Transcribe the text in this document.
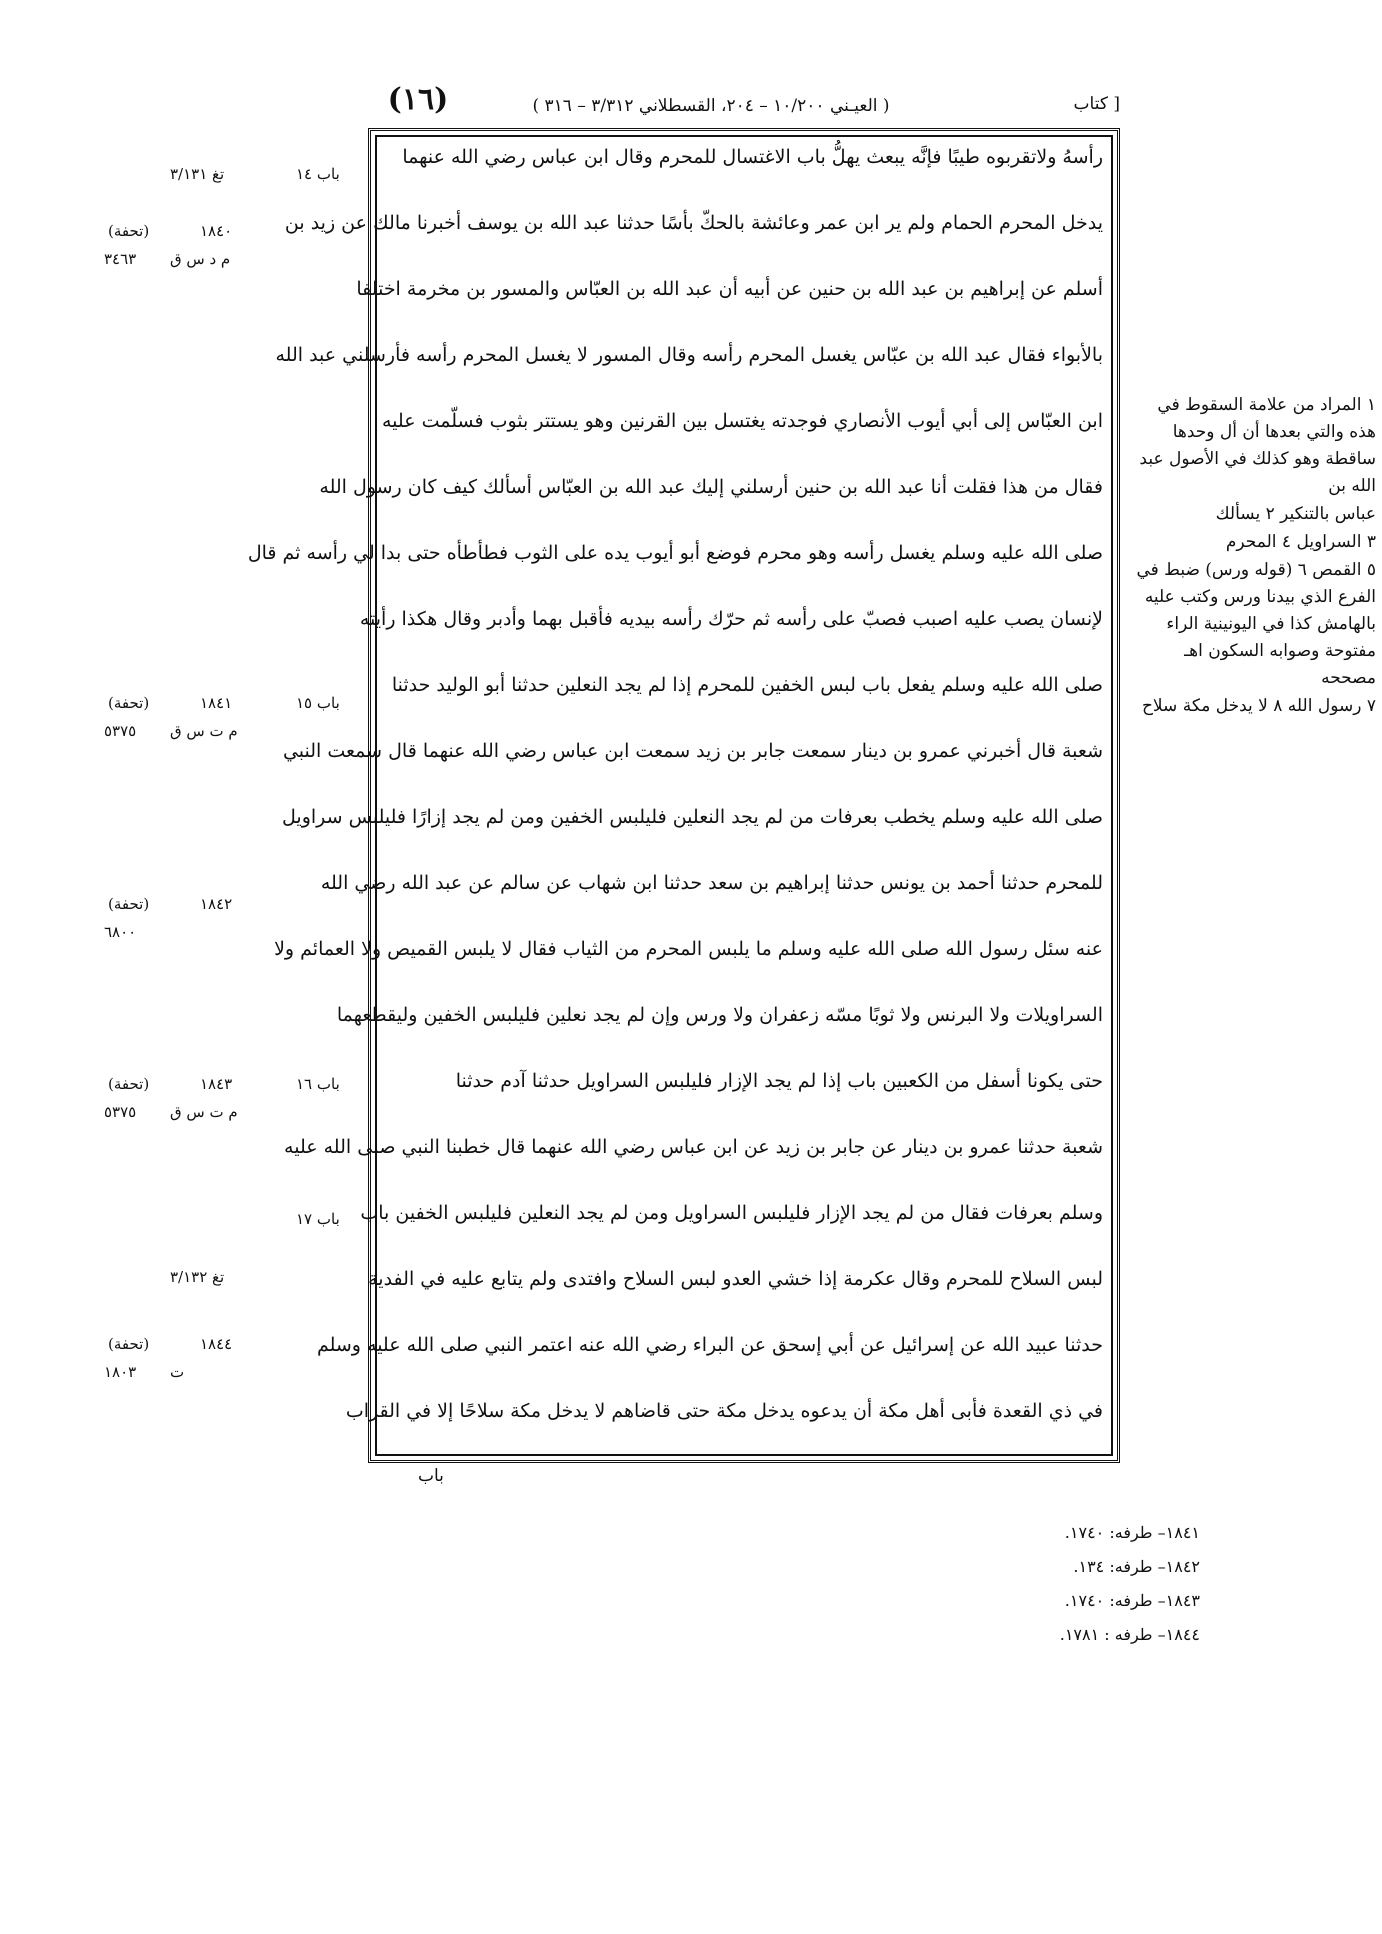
(١٦)	( العيـني ١٠/٢٠٠ – ٢٠٤، القسطلاني ٣/٣١٢ – ٣١٦ )	[ كتاب
رأسهُ ولاتقربوه طيبًا فإنَّه يبعث يهلُّ باب الاغتسال للمحرم وقال ابن عباس رضي الله عنهما
يدخل المحرم الحمام ولم ير ابن عمر وعائشة بالحكّ بأسًا حدثنا عبد الله بن يوسف أخبرنا مالك عن زيد بن
أسلم عن إبراهيم بن عبد الله بن حنين عن أبيه أن عبد الله بن العبّاس والمسور بن مخرمة اختلفا
بالأبواء فقال عبد الله بن عبّاس يغسل المحرم رأسه وقال المسور لا يغسل المحرم رأسه فأرسلني عبد الله
ابن العبّاس إلى أبي أيوب الأنصاري فوجدته يغتسل بين القرنين وهو يستتر بثوب فسلّمت عليه
فقال من هذا فقلت أنا عبد الله بن حنين أرسلني إليك عبد الله بن العبّاس أسألك كيف كان رسول الله
صلى الله عليه وسلم يغسل رأسه وهو محرم فوضع أبو أيوب يده على الثوب فطأطأه حتى بدا لي رأسه ثم قال
لإنسان يصب عليه اصبب فصبّ على رأسه ثم حرّك رأسه بيديه فأقبل بهما وأدبر وقال هكذا رأيته
صلى الله عليه وسلم يفعل باب لبس الخفين للمحرم إذا لم يجد النعلين حدثنا أبو الوليد حدثنا
شعبة قال أخبرني عمرو بن دينار سمعت جابر بن زيد سمعت ابن عباس رضي الله عنهما قال سمعت النبي
صلى الله عليه وسلم يخطب بعرفات من لم يجد النعلين فليلبس الخفين ومن لم يجد إزارًا فليلبس سراويل
للمحرم حدثنا أحمد بن يونس حدثنا إبراهيم بن سعد حدثنا ابن شهاب عن سالم عن عبد الله رضي الله
عنه سئل رسول الله صلى الله عليه وسلم ما يلبس المحرم من الثياب فقال لا يلبس القميص ولا العمائم ولا
السراويلات ولا البرنس ولا ثوبًا مسّه زعفران ولا ورس وإن لم يجد نعلين فليلبس الخفين وليقطعهما
حتى يكونا أسفل من الكعبين باب إذا لم يجد الإزار فليلبس السراويل حدثنا آدم حدثنا
شعبة حدثنا عمرو بن دينار عن جابر بن زيد عن ابن عباس رضي الله عنهما قال خطبنا النبي صلى الله عليه
وسلم بعرفات فقال من لم يجد الإزار فليلبس السراويل ومن لم يجد النعلين فليلبس الخفين باب
لبس السلاح للمحرم وقال عكرمة إذا خشي العدو لبس السلاح وافتدى ولم يتابع عليه في الفدية
حدثنا عبيد الله عن إسرائيل عن أبي إسحق عن البراء رضي الله عنه اعتمر النبي صلى الله عليه وسلم
في ذي القعدة فأبى أهل مكة أن يدعوه يدخل مكة حتى قاضاهم لا يدخل مكة سلاحًا إلا في القراب
باب
باب ١٤
تغ ٣/١٣١
١٨٤٠
(تحفة)
م د س ق
٣٤٦٣
باب ١٥
١٨٤١
(تحفة)
م ت س ق
٥٣٧٥
١٨٤٢
(تحفة)
٦٨٠٠
باب ١٦
١٨٤٣
(تحفة)
م ت س ق
٥٣٧٥
باب ١٧
تغ ٣/١٣٢
١٨٤٤
(تحفة)
ت
١٨٠٣
١ المراد من علامة السقوط في هذه والتي بعدها أن أل وحدها ساقطة وهو كذلك في الأصول عبد الله بن
عباس بالتنكير ٢ يسألك
٣ السراويل ٤ المحرم
٥ القمص ٦ (قوله ورس) ضبط في الفرع الذي بيدنا ورس وكتب عليه بالهامش كذا في اليونينية الراء مفتوحة وصوابه السكون اهـ مصححه
٧ رسول الله ٨ لا يدخل مكة سلاح
١٨٤١– طرفه: ١٧٤٠.
١٨٤٢– طرفه: ١٣٤.
١٨٤٣– طرفه: ١٧٤٠.
١٨٤٤– طرفه : ١٧٨١.
